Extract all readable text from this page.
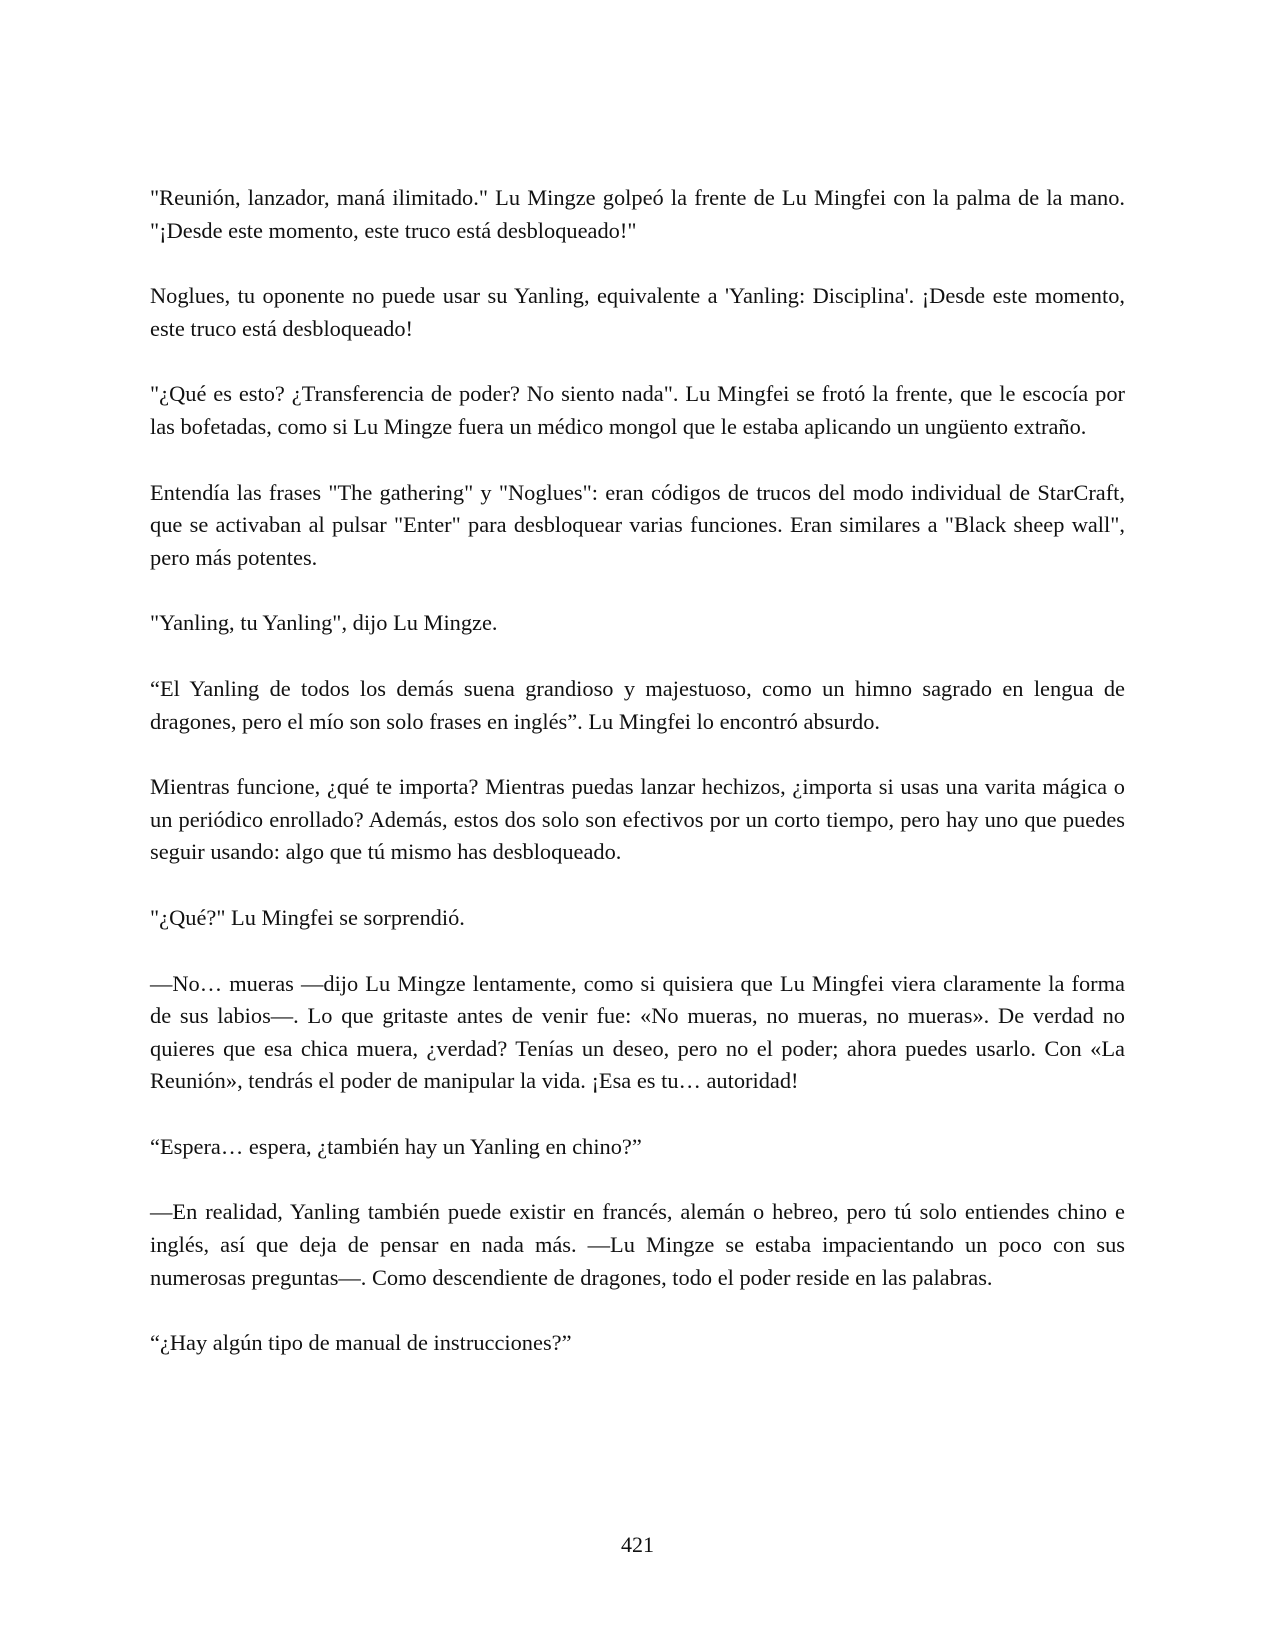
"Reunión, lanzador, maná ilimitado." Lu Mingze golpeó la frente de Lu Mingfei con la palma de la mano. "¡Desde este momento, este truco está desbloqueado!"

Noglues, tu oponente no puede usar su Yanling, equivalente a 'Yanling: Disciplina'. ¡Desde este momento, este truco está desbloqueado!

"¿Qué es esto? ¿Transferencia de poder? No siento nada". Lu Mingfei se frotó la frente, que le escocía por las bofetadas, como si Lu Mingze fuera un médico mongol que le estaba aplicando un ungüento extraño.

Entendía las frases "The gathering" y "Noglues": eran códigos de trucos del modo individual de StarCraft, que se activaban al pulsar "Enter" para desbloquear varias funciones. Eran similares a "Black sheep wall", pero más potentes.

"Yanling, tu Yanling", dijo Lu Mingze.

“El Yanling de todos los demás suena grandioso y majestuoso, como un himno sagrado en lengua de dragones, pero el mío son solo frases en inglés”. Lu Mingfei lo encontró absurdo.

Mientras funcione, ¿qué te importa? Mientras puedas lanzar hechizos, ¿importa si usas una varita mágica o un periódico enrollado? Además, estos dos solo son efectivos por un corto tiempo, pero hay uno que puedes seguir usando: algo que tú mismo has desbloqueado.

"¿Qué?" Lu Mingfei se sorprendió.

—No… mueras —dijo Lu Mingze lentamente, como si quisiera que Lu Mingfei viera claramente la forma de sus labios—. Lo que gritaste antes de venir fue: «No mueras, no mueras, no mueras». De verdad no quieres que esa chica muera, ¿verdad? Tenías un deseo, pero no el poder; ahora puedes usarlo. Con «La Reunión», tendrás el poder de manipular la vida. ¡Esa es tu… autoridad!

“Espera… espera, ¿también hay un Yanling en chino?”

—En realidad, Yanling también puede existir en francés, alemán o hebreo, pero tú solo entiendes chino e inglés, así que deja de pensar en nada más. —Lu Mingze se estaba impacientando un poco con sus numerosas preguntas—. Como descendiente de dragones, todo el poder reside en las palabras.

“¿Hay algún tipo de manual de instrucciones?”

421
